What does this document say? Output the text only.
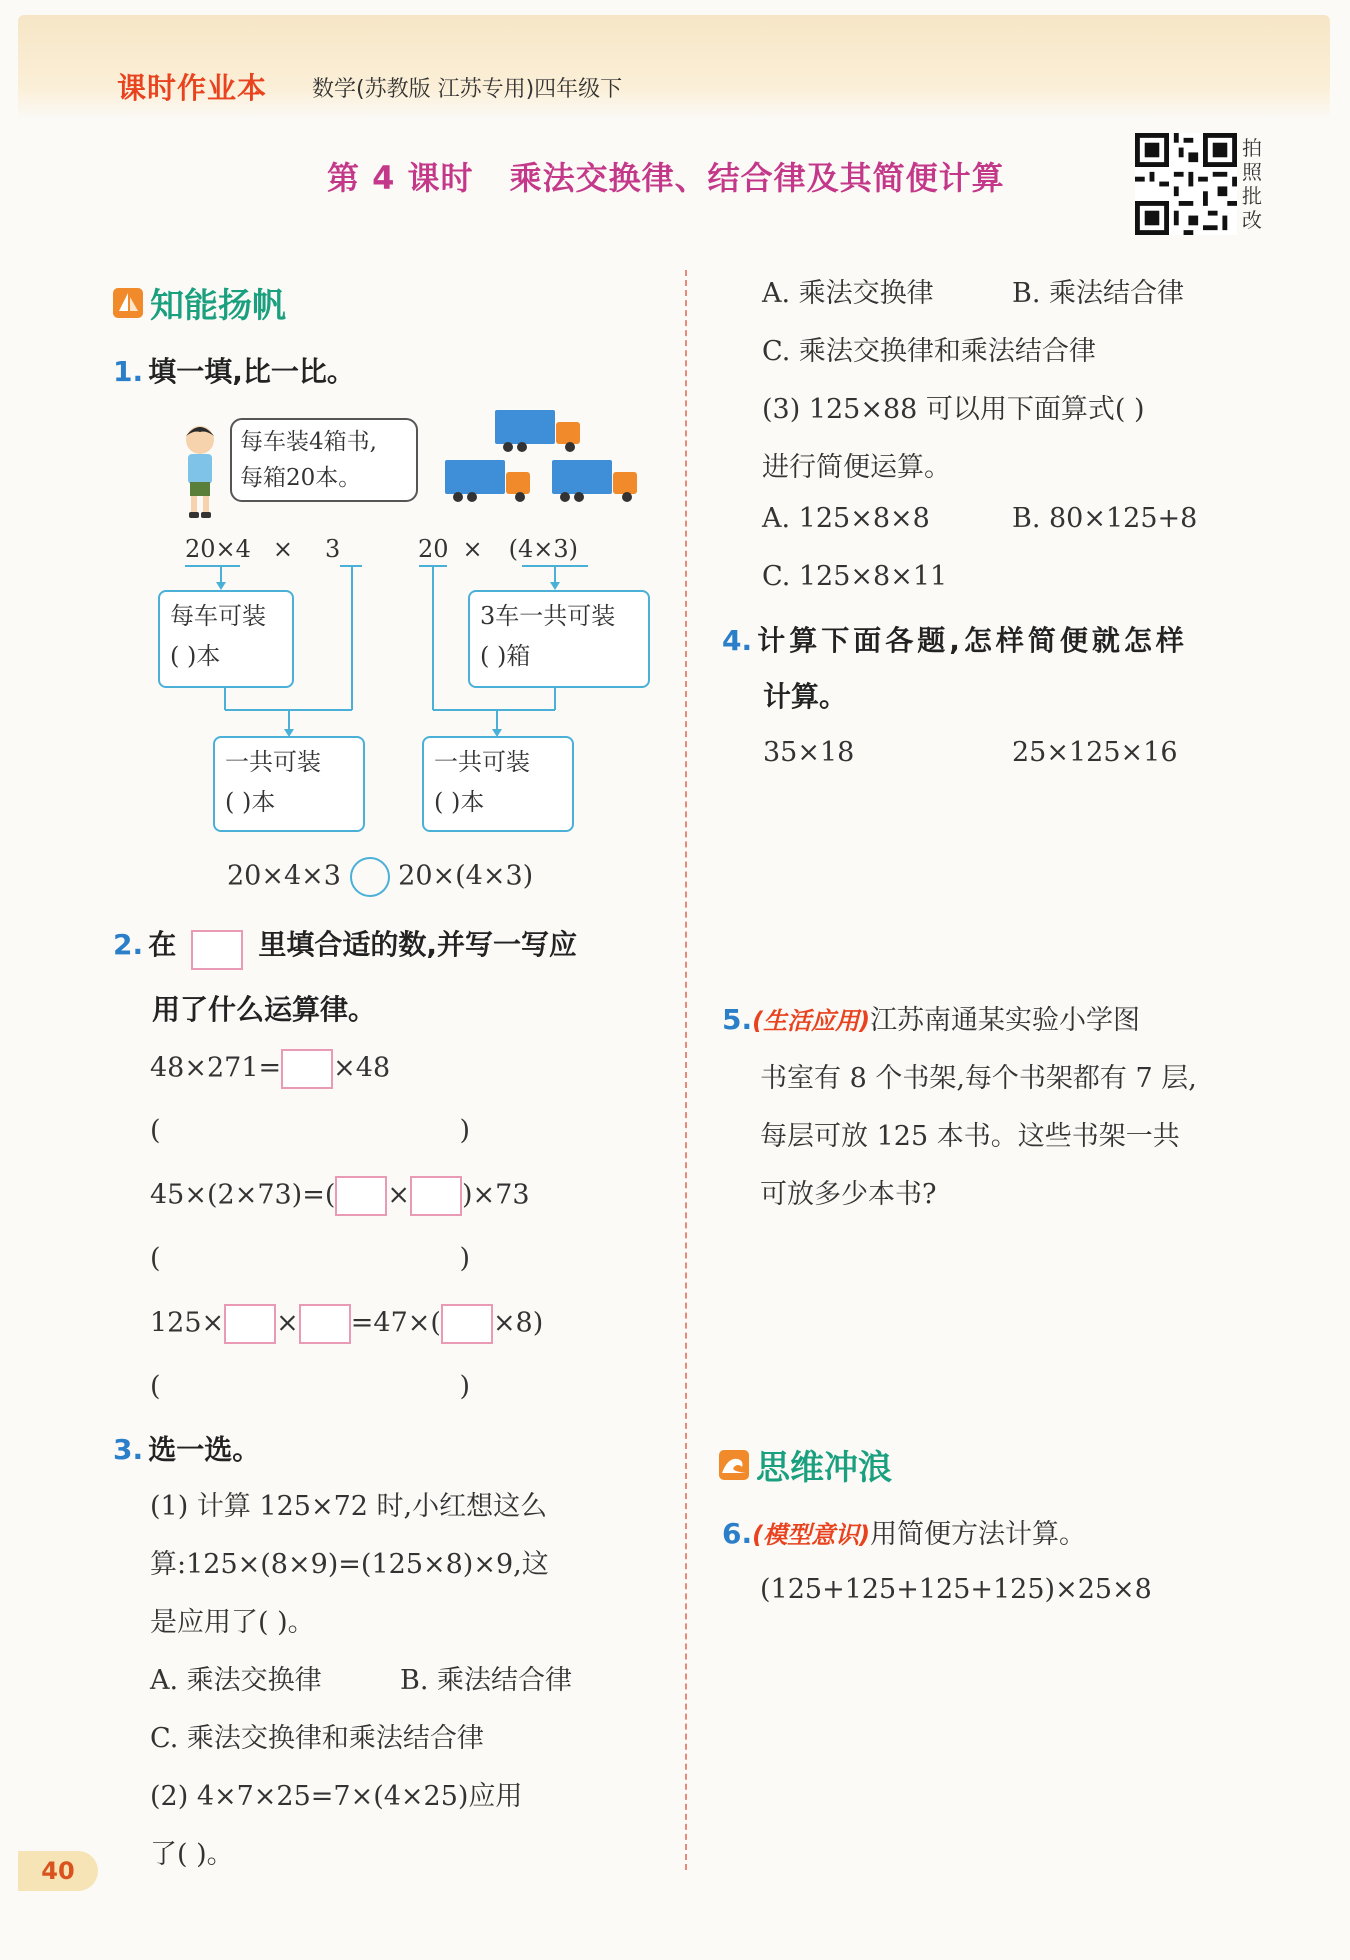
课时作业本 数学(苏教版 江苏专用)四年级下
第 4 课时 乘法交换律、结合律及其简便计算
拍
照
批
改
知能扬帆
1. 填一填,比一比。
每车装4箱书,
每箱20本。
20×4 × 3	20 × (4×3)
每车可装
( )本
3车一共可装
( )箱
一共可装
( )本
一共可装
( )本
20×4×3 20×(4×3)
2. 在	里填合适的数,并写一写应
用了什么运算律。
48×271= ×48
(	)
45×(2×73)=( × )×73
(	)
125× × =47×( ×8)
(	)
3. 选一选。
(1) 计算 125×72 时,小红想这么
算:125×(8×9)=(125×8)×9,这
是应用了( )。
A. 乘法交换律	B. 乘法结合律
C. 乘法交换律和乘法结合律
(2) 4×7×25=7×(4×25)应用
了( )。
A. 乘法交换律	B. 乘法结合律
C. 乘法交换律和乘法结合律
(3) 125×88 可以用下面算式( )
进行简便运算。
A. 125×8×8	B. 80×125+8
C. 125×8×11
4. 计算下面各题,怎样简便就怎样
计算。
35×18	25×125×16
5.(生活应用)江苏南通某实验小学图
书室有 8 个书架,每个书架都有 7 层,
每层可放 125 本书。这些书架一共
可放多少本书?
思维冲浪
6.(模型意识)用简便方法计算。
(125+125+125+125)×25×8
40
